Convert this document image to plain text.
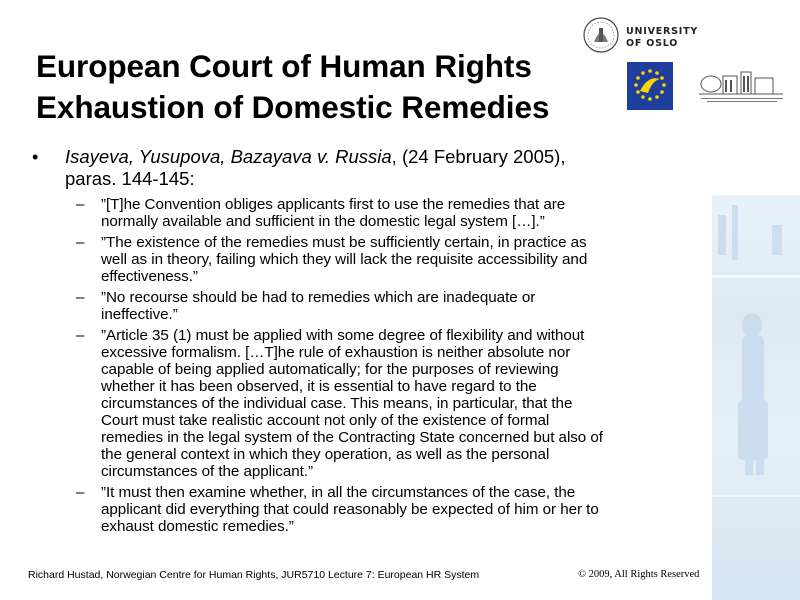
UNIVERSITY
OF OSLO
European Court of Human Rights
Exhaustion of Domestic Remedies
• Isayeva, Yusupova, Bazayava v. Russia, (24 February 2005),
paras. 144-145:
– ”[T]he Convention obliges applicants first to use the remedies that are
normally available and sufficient in the domestic legal system […].”
– ”The existence of the remedies must be sufficiently certain, in practice as
well as in theory, failing which they will lack the requisite accessibility and
effectiveness.”
– ”No recourse should be had to remedies which are inadequate or
ineffective.”
– ”Article 35 (1) must be applied with some degree of flexibility and without
excessive formalism. […T]he rule of exhaustion is neither absolute nor
capable of being applied automatically; for the purposes of reviewing
whether it has been observed, it is essential to have regard to the
circumstances of the individual case. This means, in particular, that the
Court must take realistic account not only of the existence of formal
remedies in the legal system of the Contracting State concerned but also of
the general context in which they operation, as well as the personal
circumstances of the applicant.”
– ”It must then examine whether, in all the circumstances of the case, the
applicant did everything that could reasonably be expected of him or her to
exhaust domestic remedies.”
Richard Hustad, Norwegian Centre for Human Rights, JUR5710 Lecture 7: European HR System	© 2009, All Rights Reserved
